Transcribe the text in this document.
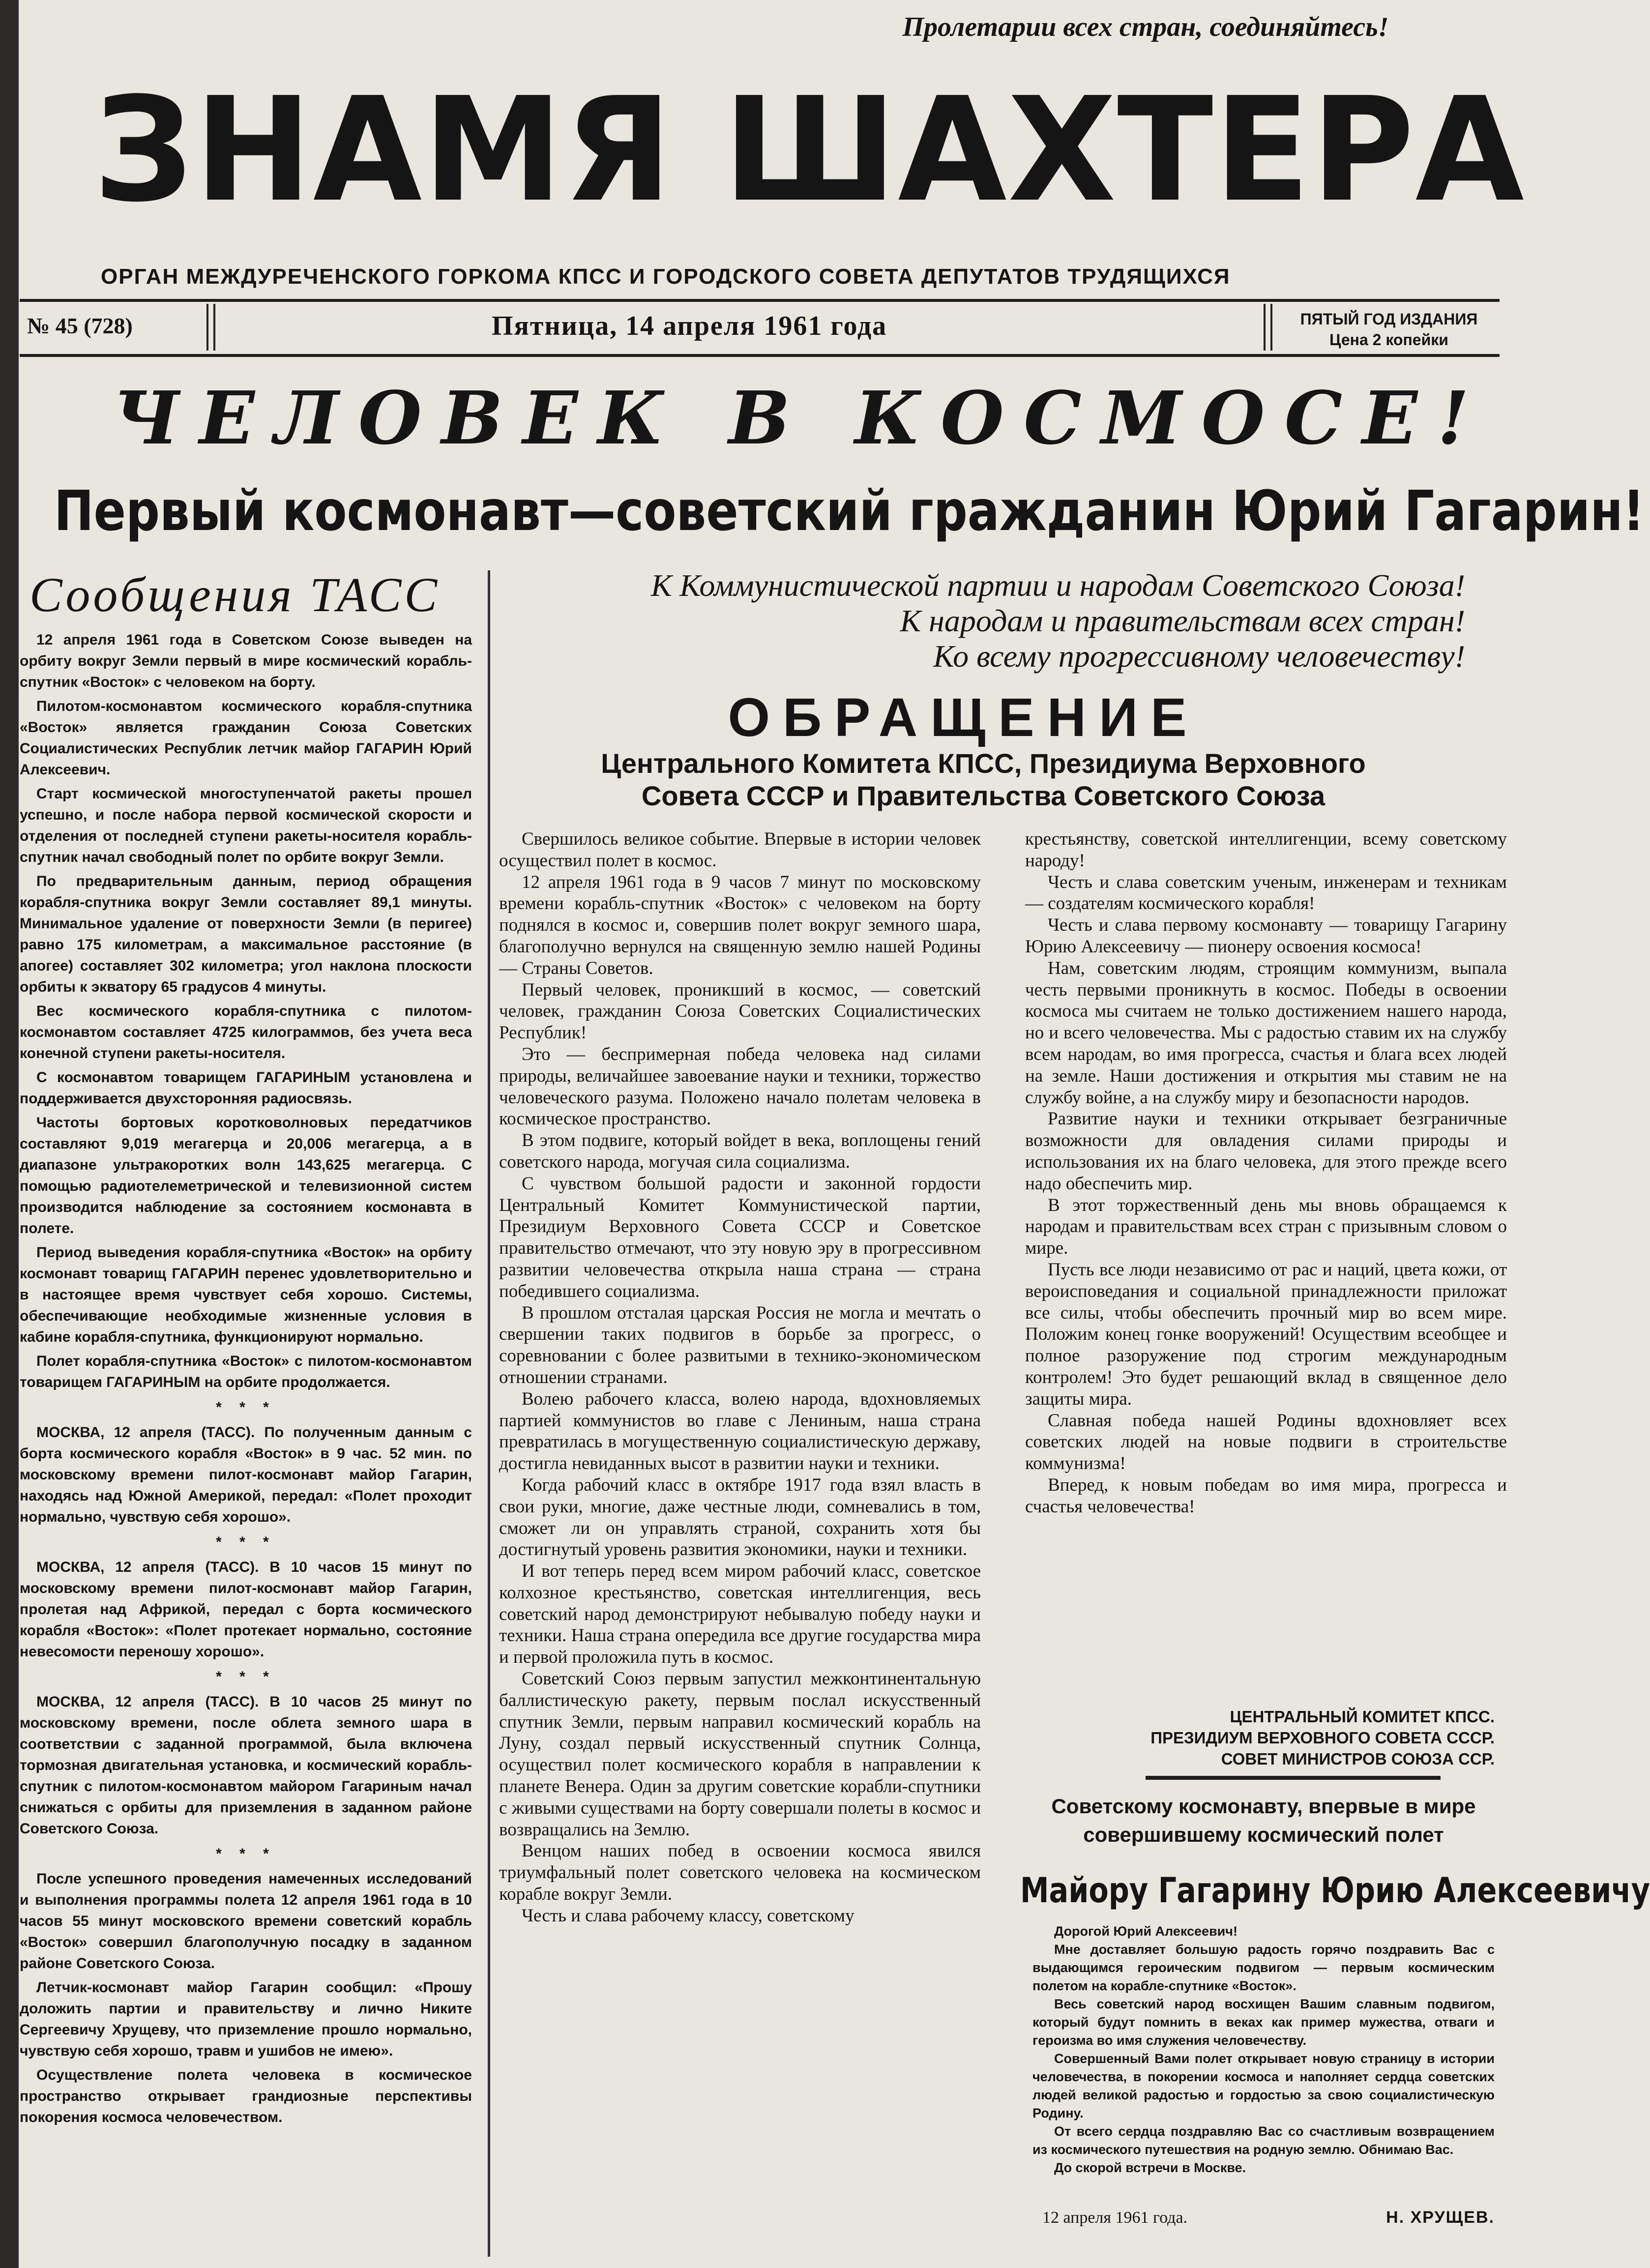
Пролетарии всех стран, соединяйтесь!
ЗНАМЯ ШАХТЕРА
ОРГАН МЕЖДУРЕЧЕНСКОГО ГОРКОМА КПСС И ГОРОДСКОГО СОВЕТА ДЕПУТАТОВ ТРУДЯЩИХСЯ
№ 45 (728)	Пятница, 14 апреля 1961 года	ПЯТЫЙ ГОД ИЗДАНИЯ
Цена 2 копейки
ЧЕЛОВЕК В КОСМОСЕ!
Первый космонавт—советский гражданин Юрий Гагарин!
Сообщения ТАСС

12 апреля 1961 года в Советском Союзе выведен на орбиту вокруг Земли первый в мире космический корабль-спутник «Восток» с человеком на борту.

Пилотом-космонавтом космического корабля-спутника «Восток» является гражданин Союза Советских Социалистических Республик летчик майор ГАГАРИН Юрий Алексеевич.

Старт космической многоступенчатой ракеты прошел успешно, и после набора первой космической скорости и отделения от последней ступени ракеты-носителя корабль-спутник начал свободный полет по орбите вокруг Земли.

По предварительным данным, период обращения корабля-спутника вокруг Земли составляет 89,1 минуты. Минимальное удаление от поверхности Земли (в перигее) равно 175 километрам, а максимальное расстояние (в апогее) составляет 302 километра; угол наклона плоскости орбиты к экватору 65 градусов 4 минуты.

Вес космического корабля-спутника с пилотом-космонавтом составляет 4725 килограммов, без учета веса конечной ступени ракеты-носителя.

С космонавтом товарищем ГАГАРИНЫМ установлена и поддерживается двухсторонняя радиосвязь.

Частоты бортовых коротковолновых передатчиков составляют 9,019 мегагерца и 20,006 мегагерца, а в диапазоне ультракоротких волн 143,625 мегагерца. С помощью радиотелеметрической и телевизионной систем производится наблюдение за состоянием космонавта в полете.

Период выведения корабля-спутника «Восток» на орбиту космонавт товарищ ГАГАРИН перенес удовлетворительно и в настоящее время чувствует себя хорошо. Системы, обеспечивающие необходимые жизненные условия в кабине корабля-спутника, функционируют нормально.

Полет корабля-спутника «Восток» с пилотом-космонавтом товарищем ГАГАРИНЫМ на орбите продолжается.

* * *

МОСКВА, 12 апреля (ТАСС). По полученным данным с борта космического корабля «Восток» в 9 час. 52 мин. по московскому времени пилот-космонавт майор Гагарин, находясь над Южной Америкой, передал: «Полет проходит нормально, чувствую себя хорошо».

* * *

МОСКВА, 12 апреля (ТАСС). В 10 часов 15 минут по московскому времени пилот-космонавт майор Гагарин, пролетая над Африкой, передал с борта космического корабля «Восток»: «Полет протекает нормально, состояние невесомости переношу хорошо».

* * *

МОСКВА, 12 апреля (ТАСС). В 10 часов 25 минут по московскому времени, после облета земного шара в соответствии с заданной программой, была включена тормозная двигательная установка, и космический корабль-спутник с пилотом-космонавтом майором Гагариным начал снижаться с орбиты для приземления в заданном районе Советского Союза.

* * *

После успешного проведения намеченных исследований и выполнения программы полета 12 апреля 1961 года в 10 часов 55 минут московского времени советский корабль «Восток» совершил благополучную посадку в заданном районе Советского Союза.

Летчик-космонавт майор Гагарин сообщил: «Прошу доложить партии и правительству и лично Никите Сергеевичу Хрущеву, что приземление прошло нормально, чувствую себя хорошо, травм и ушибов не имею».

Осуществление полета человека в космическое пространство открывает грандиозные перспективы покорения космоса человечеством.

К Коммунистической партии и народам Советского Союза!
К народам и правительствам всех стран!
Ко всему прогрессивному человечеству!
ОБРАЩЕНИЕ
Центрального Комитета КПСС, Президиума Верховного Совета СССР и Правительства Советского Союза

Свершилось великое событие. Впервые в истории человек осуществил полет в космос.

12 апреля 1961 года в 9 часов 7 минут по московскому времени корабль-спутник «Восток» с человеком на борту поднялся в космос и, совершив полет вокруг земного шара, благополучно вернулся на священную землю нашей Родины — Страны Советов.

Первый человек, проникший в космос, — советский человек, гражданин Союза Советских Социалистических Республик!

Это — беспримерная победа человека над силами природы, величайшее завоевание науки и техники, торжество человеческого разума. Положено начало полетам человека в космическое пространство.

В этом подвиге, который войдет в века, воплощены гений советского народа, могучая сила социализма.

С чувством большой радости и законной гордости Центральный Комитет Коммунистической партии, Президиум Верховного Совета СССР и Советское правительство отмечают, что эту новую эру в прогрессивном развитии человечества открыла наша страна — страна победившего социализма.

В прошлом отсталая царская Россия не могла и мечтать о свершении таких подвигов в борьбе за прогресс, о соревновании с более развитыми в технико-экономическом отношении странами.

Волею рабочего класса, волею народа, вдохновляемых партией коммунистов во главе с Лениным, наша страна превратилась в могущественную социалистическую державу, достигла невиданных высот в развитии науки и техники.

Когда рабочий класс в октябре 1917 года взял власть в свои руки, многие, даже честные люди, сомневались в том, сможет ли он управлять страной, сохранить хотя бы достигнутый уровень развития экономики, науки и техники.

И вот теперь перед всем миром рабочий класс, советское колхозное крестьянство, советская интеллигенция, весь советский народ демонстрируют небывалую победу науки и техники. Наша страна опередила все другие государства мира и первой проложила путь в космос.

Советский Союз первым запустил межконтинентальную баллистическую ракету, первым послал искусственный спутник Земли, первым направил космический корабль на Луну, создал первый искусственный спутник Солнца, осуществил полет космического корабля в направлении к планете Венера. Один за другим советские корабли-спутники с живыми существами на борту совершали полеты в космос и возвращались на Землю.

Венцом наших побед в освоении космоса явился триумфальный полет советского человека на космическом корабле вокруг Земли.

Честь и слава рабочему классу, советскому

крестьянству, советской интеллигенции, всему советскому народу!

Честь и слава советским ученым, инженерам и техникам — создателям космического корабля!

Честь и слава первому космонавту — товарищу Гагарину Юрию Алексеевичу — пионеру освоения космоса!

Нам, советским людям, строящим коммунизм, выпала честь первыми проникнуть в космос. Победы в освоении космоса мы считаем не только достижением нашего народа, но и всего человечества. Мы с радостью ставим их на службу всем народам, во имя прогресса, счастья и блага всех людей на земле. Наши достижения и открытия мы ставим не на службу войне, а на службу миру и безопасности народов.

Развитие науки и техники открывает безграничные возможности для овладения силами природы и использования их на благо человека, для этого прежде всего надо обеспечить мир.

В этот торжественный день мы вновь обращаемся к народам и правительствам всех стран с призывным словом о мире.

Пусть все люди независимо от рас и наций, цвета кожи, от вероисповедания и социальной принадлежности приложат все силы, чтобы обеспечить прочный мир во всем мире. Положим конец гонке вооружений! Осуществим всеобщее и полное разоружение под строгим международным контролем! Это будет решающий вклад в священное дело защиты мира.

Славная победа нашей Родины вдохновляет всех советских людей на новые подвиги в строительстве коммунизма!

Вперед, к новым победам во имя мира, прогресса и счастья человечества!

ЦЕНТРАЛЬНЫЙ КОМИТЕТ КПСС.
ПРЕЗИДИУМ ВЕРХОВНОГО СОВЕТА СССР.
СОВЕТ МИНИСТРОВ СОЮЗА ССР.
Советскому космонавту, впервые в мире совершившему космический полет
Майору Гагарину Юрию Алексеевичу

Дорогой Юрий Алексеевич!

Мне доставляет большую радость горячо поздравить Вас с выдающимся героическим подвигом — первым космическим полетом на корабле-спутнике «Восток».

Весь советский народ восхищен Вашим славным подвигом, который будут помнить в веках как пример мужества, отваги и героизма во имя служения человечеству.

Совершенный Вами полет открывает новую страницу в истории человечества, в покорении космоса и наполняет сердца советских людей великой радостью и гордостью за свою социалистическую Родину.

От всего сердца поздравляю Вас со счастливым возвращением из космического путешествия на родную землю. Обнимаю Вас.

До скорой встречи в Москве.

12 апреля 1961 года.	Н. ХРУЩЕВ.
